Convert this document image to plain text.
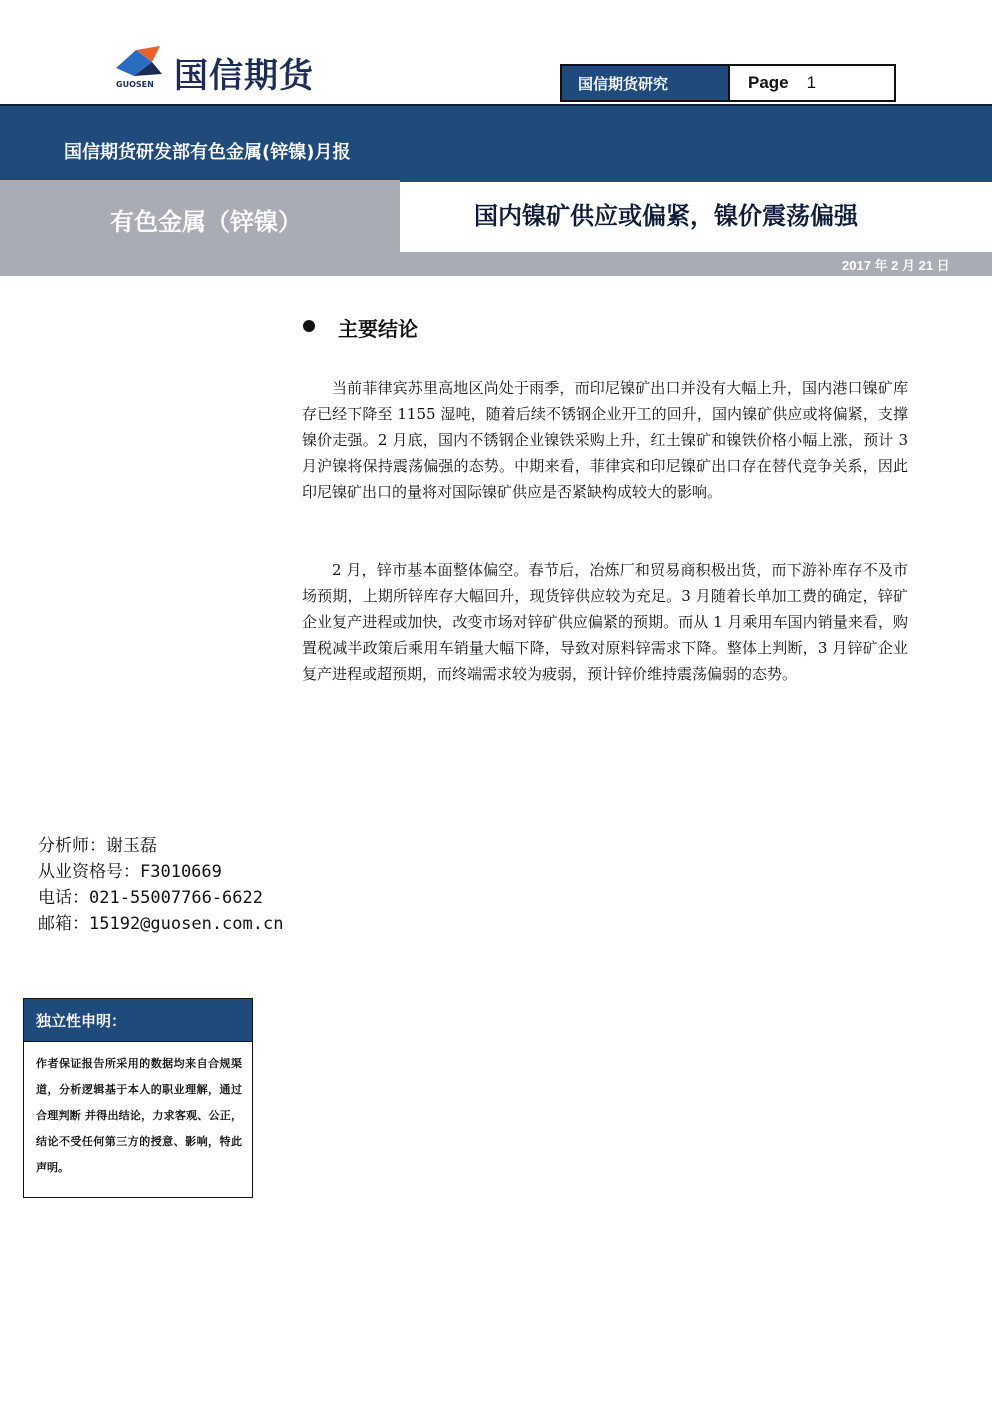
国信期货
GUOSEN	国信期货研究	Page 1
国信期货研发部有色金属(锌镍)月报
有色金属（锌镍）	国内镍矿供应或偏紧，镍价震荡偏强
2017 年 2 月 21 日
主要结论

当前菲律宾苏里高地区尚处于雨季，而印尼镍矿出口并没有大幅上升，国内港口镍矿库存已经下降至 1155 湿吨，随着后续不锈钢企业开工的回升，国内镍矿供应或将偏紧，支撑镍价走强。2 月底，国内不锈钢企业镍铁采购上升，红土镍矿和镍铁价格小幅上涨，预计 3 月沪镍将保持震荡偏强的态势。中期来看，菲律宾和印尼镍矿出口存在替代竞争关系，因此印尼镍矿出口的量将对国际镍矿供应是否紧缺构成较大的影响。

2 月，锌市基本面整体偏空。春节后，冶炼厂和贸易商积极出货，而下游补库存不及市场预期，上期所锌库存大幅回升，现货锌供应较为充足。3 月随着长单加工费的确定，锌矿企业复产进程或加快，改变市场对锌矿供应偏紧的预期。而从 1 月乘用车国内销量来看，购置税减半政策后乘用车销量大幅下降，导致对原料锌需求下降。整体上判断，3 月锌矿企业复产进程或超预期，而终端需求较为疲弱，预计锌价维持震荡偏弱的态势。

分析师：谢玉磊
从业资格号：F3010669
电话：021-55007766-6622
邮箱：15192@guosen.com.cn
独立性申明：
作者保证报告所采用的数据均来自合规渠道，分析逻辑基于本人的职业理解，通过合理判断 并得出结论，力求客观、公正，结论不受任何第三方的授意、影响，特此声明。
